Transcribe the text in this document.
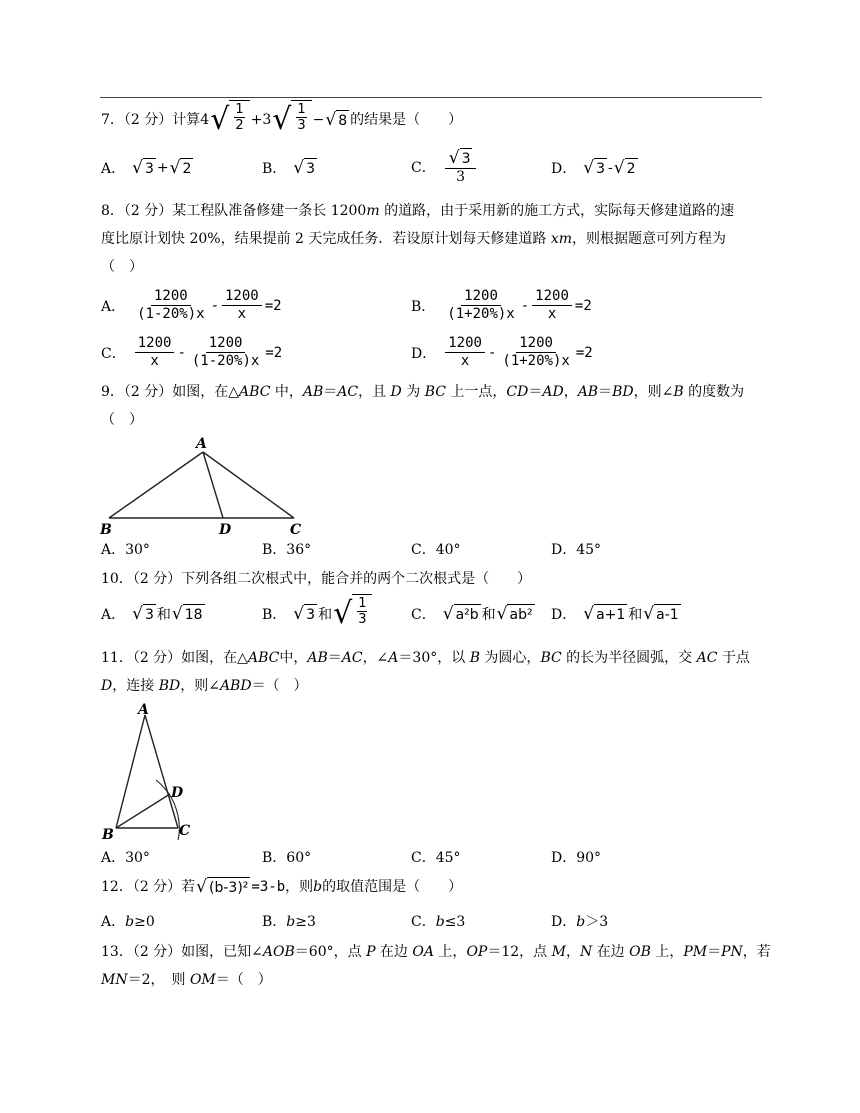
7．（2 分）计算 4 √ $\frac{1}{2} +3$ √ $\frac{1}{3}$ − √ 8 的结果是（　　）
A． √ 3 + √ 2	B． √ 3	C． $\frac{√ 3}{3}$	D． √ 3 - √ 2
8．（2 分）某工程队准备修建一条长 1200m 的道路，由于采用新的施工方式，实际每天修建道路的速
度比原计划快 20%，结果提前 2 天完成任务．若设原计划每天修建道路 xm，则根据题意可列方程为
（　）
A． $\frac{1200}{(1-20\%)x} - \frac{1200}{x} =2$	B． $\frac{1200}{(1+20\%)x} - \frac{1200}{x} =2$
C． $\frac{1200}{x} - \frac{1200}{(1-20\%)x} =2$	D． $\frac{1200}{x} - \frac{1200}{(1+20\%)x} =2$
9．（2 分）如图，在△ABC 中，AB＝AC，且 D 为 BC 上一点，CD＝AD，AB＝BD，则∠B 的度数为
（　）
A
B	D	C
A．30°	B．36°	C．40°	D．45°
10．（2 分）下列各组二次根式中，能合并的两个二次根式是（　　）
A． √ 3 和 √ 18	B． √ 3 和 √ $\frac{1}{3}$	C． √ a²b 和 √ ab² D． √ a+1 和 √ a-1
11．（2 分）如图，在△ABC中，AB＝AC，∠A＝30°，以 B 为圆心，BC 的长为半径圆弧，交 AC 于点
D，连接 BD，则∠ABD＝（　）
A
B
D
C
A．30°	B．60°	C．45°	D．90°
12．（2 分）若 √ (b-3)² =3-b ，则 b 的取值范围是（　　）
A．b≥0	B．b≥3	C．b≤3	D．b＞3
13．（2 分）如图，已知∠AOB＝60°，点 P 在边 OA 上，OP＝12，点 M，N 在边 OB 上，PM＝PN，若
MN＝2，　则 OM＝（　）
